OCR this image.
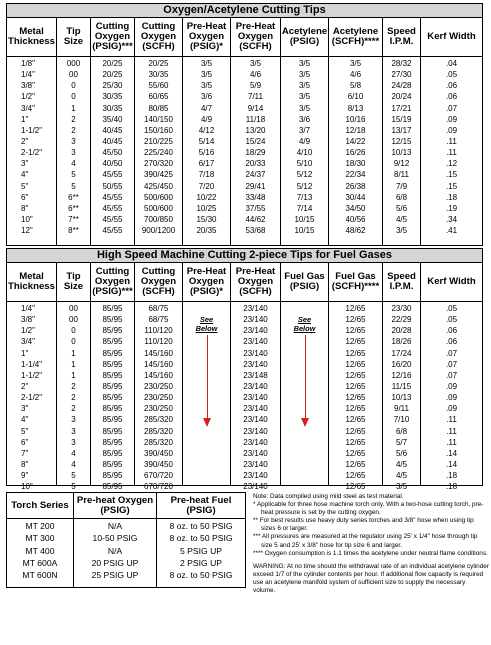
Oxygen/Acetylene Cutting Tips
Metal Thickness
1/8"
1/4"
3/8"
1/2"
3/4"
1"
1-1/2"
2"
2-1/2"
3"
4"
5"
6"
8"
10"
12"
Tip Size
000
00
0
0
1
2
2
3
3
4
5
5
6**
6**
7**
8**
Cutting Oxygen (PSIG)***
20/25
20/25
25/30
30/35
30/35
35/40
40/45
40/45
45/50
40/50
45/55
50/55
45/55
45/55
45/55
45/55
Cutting Oxygen (SCFH)
20/25
30/35
55/60
60/65
80/85
140/150
150/160
210/225
225/240
270/320
390/425
425/450
500/600
500/600
700/850
900/1200
Pre-Heat Oxygen (PSIG)*
3/5
3/5
3/5
3/6
4/7
4/9
4/12
5/14
5/16
6/17
7/18
7/20
10/22
10/25
15/30
20/35
Pre-Heat Oxygen (SCFH)
3/5
4/6
5/9
7/11
9/14
11/18
13/20
15/24
18/29
20/33
24/37
29/41
33/48
37/55
44/62
53/68
Acetylene (PSIG)
3/5
3/5
3/5
3/5
3/5
3/6
3/7
4/9
4/10
5/10
5/12
5/12
7/13
7/14
10/15
10/15
Acetylene (SCFH)****
3/5
4/6
5/8
6/10
8/13
10/16
12/18
14/22
16/26
18/30
22/34
26/38
30/44
34/50
40/56
48/62
Speed I.P.M.
28/32
27/30
24/28
20/24
17/21
15/19
13/17
12/15
10/13
9/12
8/11
7/9
6/8
5/6
4/5
3/5
Kerf Width
.04
.05
.06
.06
.07
.09
.09
.11
.11
.12
.15
.15
.18
.19
.34
.41
High Speed Machine Cutting 2-piece Tips for Fuel Gases
Metal Thickness
1/4"
3/8"
1/2"
3/4"
1"
1-1/4"
1-1/2"
2"
2-1/2"
3"
4"
5"
6"
7"
8"
9"
10"
Tip Size
00
00
0
0
1
1
1
2
2
2
3
3
3
4
4
5
5
Cutting Oxygen (PSIG)***
85/95
85/95
85/95
85/95
85/95
85/95
85/95
85/95
85/95
85/95
85/95
85/95
85/95
85/95
85/95
85/95
85/95
Cutting Oxygen (SCFH)
68/75
68/75
110/120
110/120
145/160
145/160
145/160
230/250
230/250
230/250
285/320
285/320
285/320
390/450
390/450
670/720
670/720
Pre-Heat Oxygen (PSIG)*
See
Below
Pre-Heat Oxygen (SCFH)
23/140
23/140
23/140
23/140
23/140
23/140
23/148
23/140
23/140
23/140
23/140
23/140
23/140
23/140
23/140
23/140
23/140
Fuel Gas (PSIG)
See
Below
Fuel Gas (SCFH)****
12/65
12/65
12/65
12/65
12/65
12/65
12/65
12/65
12/65
12/65
12/65
12/65
12/65
12/65
12/65
12/65
12/65
Speed I.P.M.
23/30
22/29
20/28
18/26
17/24
16/20
12/16
11/15
10/13
9/11
7/10
6/8
5/7
5/6
4/5
4/5
3/5
Kerf Width
.05
.05
.06
.06
.07
.07
.07
.09
.09
.09
.11
.11
.11
.14
.14
.18
.18
Torch Series
MT 200
MT 300
MT 400
MT 600A
MT 600N
Pre-heat Oxygen (PSIG)
N/A
10-50 PSIG
N/A
20 PSIG UP
25 PSIG UP
Pre-heat Fuel (PSIG)
8 oz. to 50 PSIG
8 oz. to 50 PSIG
5 PSIG UP
2 PSIG UP
8 oz. to 50 PSIG

Note: Data compiled using mild steel as test material.

* Applicable for three hose machine torch only. With a two-hose cutting torch, pre-heat pressure is set by the cutting oxygen.

** For best results use heavy duty series torches and 3/8" hose when using tip sizes 6 or larger.

*** All pressures are measured at the regulator using 25' x 1/4" hose through tip size 5 and 25' x 3/8" hose for tip size 6 and larger.

**** Oxygen consumption is 1.1 times the acetylene under neutral flame conditions.

WARNING: At no time should the withdrawal rate of an individual acetylene cylinder exceed 1/7 of the cylinder contents per hour. If additional flow capacity is required use an acetylene manifold system of sufficient size to supply the necessary volume.
